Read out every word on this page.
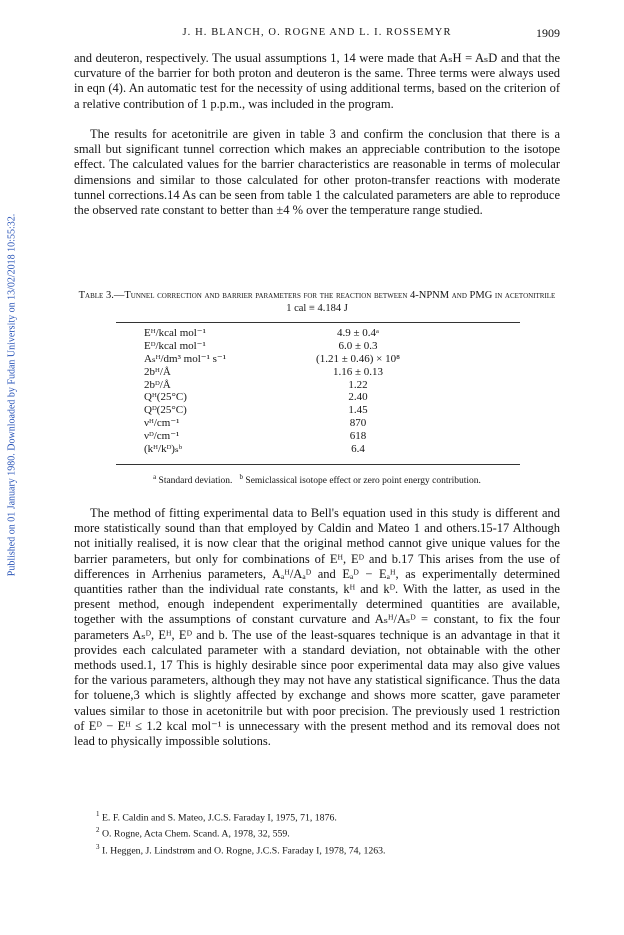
Published on 01 January 1980. Downloaded by Fudan University on 13/02/2018 10:55:32.
J. H. BLANCH, O. ROGNE AND L. I. ROSSEMYR	1909

and deuteron, respectively. The usual assumptions 1, 14 were made that AₛH = AₛD and that the curvature of the barrier for both proton and deuteron is the same. Three terms were always used in eqn (4). An automatic test for the necessity of using additional terms, based on the criterion of a relative contribution of 1 p.p.m., was included in the program.

The results for acetonitrile are given in table 3 and confirm the conclusion that there is a small but significant tunnel correction which makes an appreciable contribution to the isotope effect. The calculated values for the barrier characteristics are reasonable in terms of molecular dimensions and similar to those calculated for other proton-transfer reactions with moderate tunnel corrections.14 As can be seen from table 1 the calculated parameters are able to reproduce the observed rate constant to better than ±4 % over the temperature range studied.

Table 3.—Tunnel correction and barrier parameters for the reaction between 4-NPNM and PMG in acetonitrile
1 cal ≡ 4.184 J
Eᴴ/kcal mol⁻¹	4.9 ± 0.4ᵃ
Eᴰ/kcal mol⁻¹	6.0 ± 0.3
Aₛᴴ/dm³ mol⁻¹ s⁻¹	(1.21 ± 0.46) × 10⁸
2bᴴ/Å	1.16 ± 0.13
2bᴰ/Å	1.22
Qᴴ(25°C)	2.40
Qᴰ(25°C)	1.45
νᴴ/cm⁻¹	870
νᴰ/cm⁻¹	618
(kᴴ/kᴰ)ₛᵇ	6.4
$^a$ Standard deviation. $^b$ Semiclassical isotope effect or zero point energy contribution.

The method of fitting experimental data to Bell's equation used in this study is different and more statistically sound than that employed by Caldin and Mateo 1 and others.15-17 Although not initially realised, it is now clear that the original method cannot give unique values for the barrier parameters, but only for combinations of Eᴴ, Eᴰ and b.17 This arises from the use of differences in Arrhenius parameters, Aₐᴴ/Aₐᴰ and Eₐᴰ − Eₐᴴ, as experimentally determined quantities rather than the individual rate constants, kᴴ and kᴰ. With the latter, as used in the present method, enough independent experimentally determined quantities are available, together with the assumptions of constant curvature and Aₛᴴ/Aₛᴰ = constant, to fix the four parameters Aₛᴰ, Eᴴ, Eᴰ and b. The use of the least-squares technique is an advantage in that it provides each calculated parameter with a standard deviation, not obtainable with the other methods used.1, 17 This is highly desirable since poor experimental data may also give values for the various parameters, although they may not have any statistical significance. Thus the data for toluene,3 which is slightly affected by exchange and shows more scatter, gave parameter values similar to those in acetonitrile but with poor precision. The previously used 1 restriction of Eᴰ − Eᴴ ≤ 1.2 kcal mol⁻¹ is unnecessary with the present method and its removal does not lead to physically impossible solutions.

$^1$ E. F. Caldin and S. Mateo, J.C.S. Faraday I, 1975, 71, 1876.
$^2$ O. Rogne, Acta Chem. Scand. A, 1978, 32, 559.
$^3$ I. Heggen, J. Lindstrøm and O. Rogne, J.C.S. Faraday I, 1978, 74, 1263.
